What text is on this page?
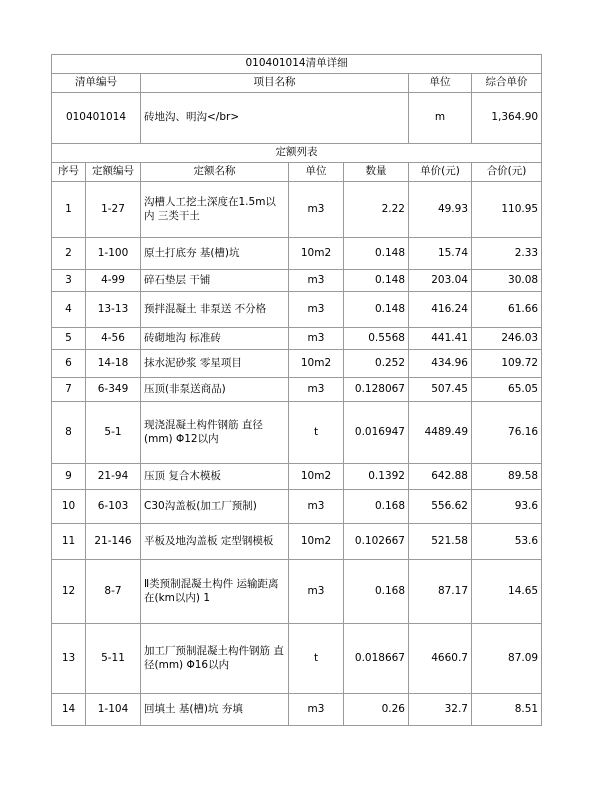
010401014清单详细						
清单编号		项目名称			单位	综合单价
010401014		砖地沟、明沟</br>			m	1,364.90
定额列表						
序号	定额编号	定额名称	单位	数量	单价(元)	合价(元)
1	1-27	沟槽人工挖土深度在1.5m以内 三类干土	m3	2.22	49.93	110.95
2	1-100	原土打底夯 基(槽)坑	10m2	0.148	15.74	2.33
3	4-99	碎石垫层 干铺	m3	0.148	203.04	30.08
4	13-13	预拌混凝土 非泵送 不分格	m3	0.148	416.24	61.66
5	4-56	砖砌地沟 标准砖	m3	0.5568	441.41	246.03
6	14-18	抹水泥砂浆 零星项目	10m2	0.252	434.96	109.72
7	6-349	压顶(非泵送商品)	m3	0.128067	507.45	65.05
8	5-1	现浇混凝土构件钢筋 直径(mm) Φ12以内	t	0.016947	4489.49	76.16
9	21-94	压顶 复合木模板	10m2	0.1392	642.88	89.58
10	6-103	C30沟盖板(加工厂预制)	m3	0.168	556.62	93.6
11	21-146	平板及地沟盖板 定型钢模板	10m2	0.102667	521.58	53.6
12	8-7	Ⅱ类预制混凝土构件 运输距离在(km以内) 1	m3	0.168	87.17	14.65
13	5-11	加工厂预制混凝土构件钢筋 直径(mm) Φ16以内	t	0.018667	4660.7	87.09
14	1-104	回填土 基(槽)坑 夯填	m3	0.26	32.7	8.51
